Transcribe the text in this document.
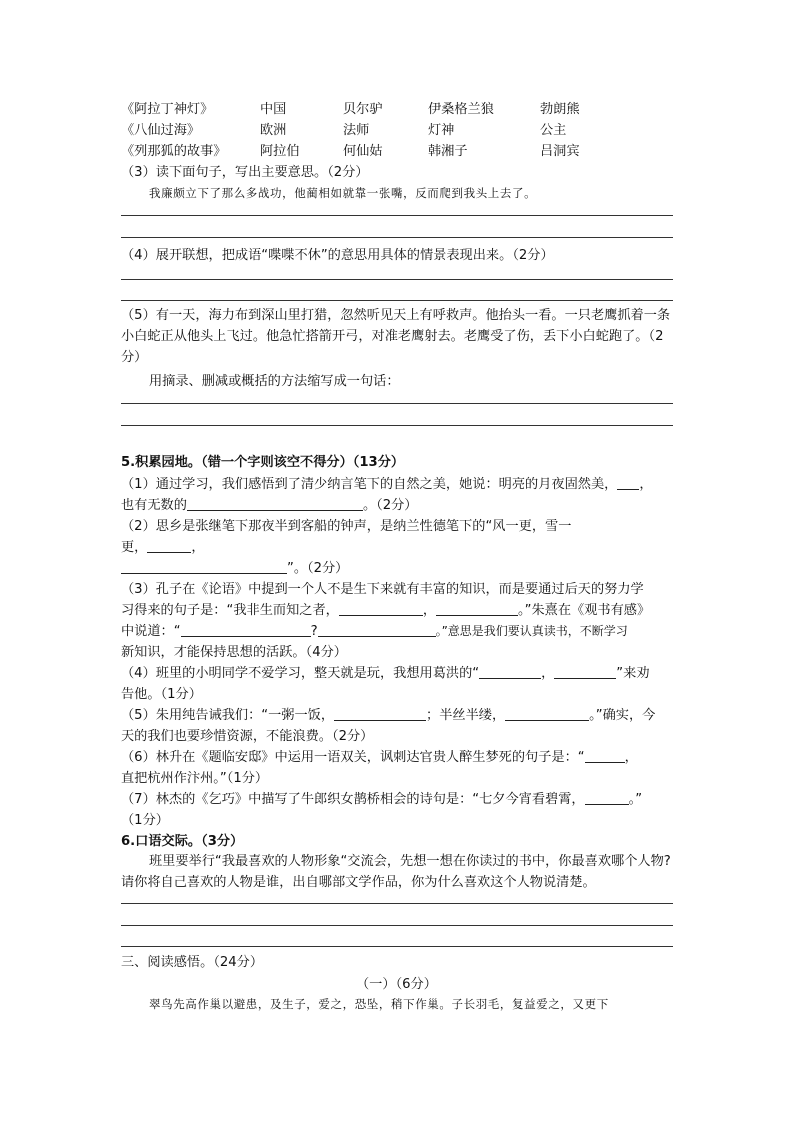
《阿拉丁神灯》	中国	贝尔驴	伊桑格兰狼	勃朗熊
《八仙过海》	欧洲	法师	灯神	公主
《列那狐的故事》	阿拉伯	何仙姑	韩湘子	吕洞宾
（3）读下面句子，写出主要意思。（2分）
我廉颇立下了那么多战功，他蔺相如就靠一张嘴，反而爬到我头上去了。
（4）展开联想，把成语“喋喋不休”的意思用具体的情景表现出来。（2分）
（5）有一天，海力布到深山里打猎，忽然听见天上有呼救声。他抬头一看。一只老鹰抓着一条小白蛇正从他头上飞过。他急忙搭箭开弓，对准老鹰射去。老鹰受了伤，丢下小白蛇跑了。（2分）
用摘录、删减或概括的方法缩写成一句话：
5.积累园地。（错一个字则该空不得分）（13分）
（1）通过学习，我们感悟到了清少纳言笔下的自然之美，她说：明亮的月夜固然美， ，
也有无数的	。（2分）
（2）思乡是张继笔下那夜半到客船的钟声，是纳兰性德笔下的“风一更，雪一
更，	，
”。（2分）
（3）孔子在《论语》中提到一个人不是生下来就有丰富的知识，而是要通过后天的努力学
习得来的句子是：“我非生而知之者，	，	。”朱熹在《观书有感》
中说道：“	?	。”意思是我们要认真读书，不断学习
新知识，才能保持思想的活跃。（4分）
（4）班里的小明同学不爱学习，整天就是玩，我想用葛洪的“	，	”来劝
告他。（1分）
（5）朱用纯告诫我们：“一粥一饭，	；半丝半缕，	。”确实，今
天的我们也要珍惜资源，不能浪费。（2分）
（6）林升在《题临安邸》中运用一语双关，讽刺达官贵人醉生梦死的句子是：“	，
直把杭州作汴州。”（1分）
（7）林杰的《乞巧》中描写了牛郎织女鹊桥相会的诗句是：“七夕今宵看碧霄，	。”
（1分）
6.口语交际。（3分）
班里要举行“我最喜欢的人物形象“交流会，先想一想在你读过的书中，你最喜欢哪个人物?请你将自己喜欢的人物是谁，出自哪部文学作品，你为什么喜欢这个人物说清楚。
三、阅读感悟。（24分）
（一）（6分）
翠鸟先高作巢以避患，及生子，爱之，恐坠，稍下作巢。子长羽毛，复益爱之，又更下
